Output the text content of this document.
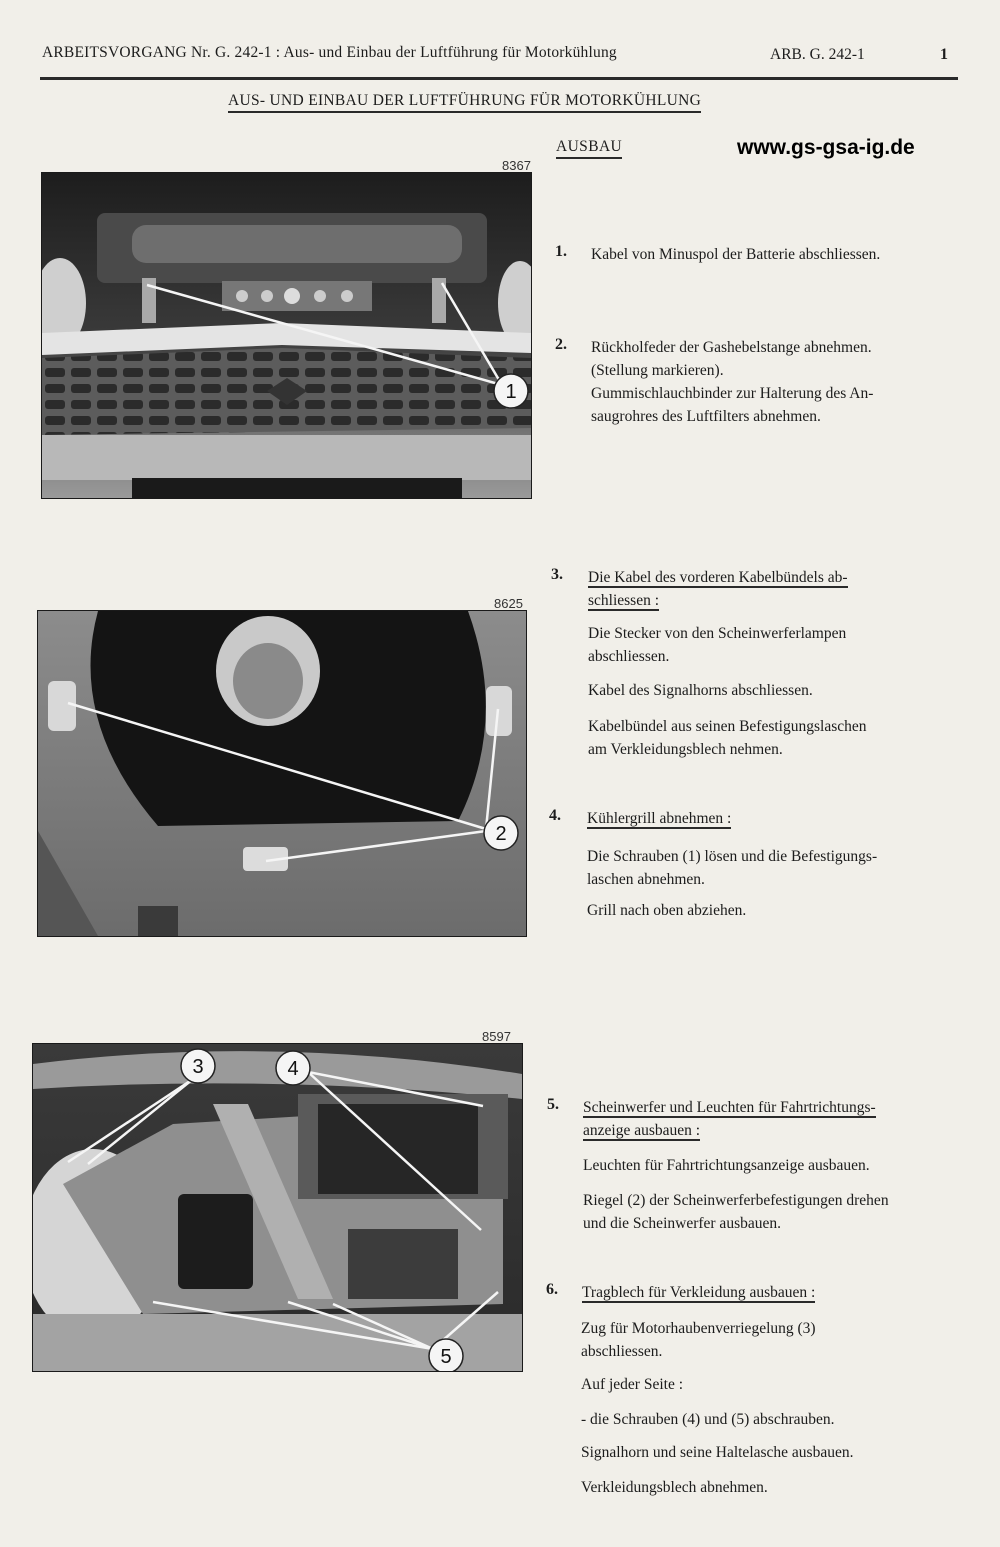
ARBEITSVORGANG Nr. G. 242-1 : Aus- und Einbau der Luftführung für Motorkühlung	ARB. G. 242-1	1
AUS- UND EINBAU DER LUFTFÜHRUNG FÜR MOTORKÜHLUNG
AUSBAU	www.gs-gsa-ig.de
8367
1
8625
2
8597
3	4
5
1. Kabel von Minuspol der Batterie abschliessen.
2. Rückholfeder der Gashebelstange abnehmen.
(Stellung markieren).
Gummischlauchbinder zur Halterung des An-
saugrohres des Luftfilters abnehmen.
3. Die Kabel des vorderen Kabelbündels ab-
schliessen :
Die Stecker von den Scheinwerferlampen
abschliessen.
Kabel des Signalhorns abschliessen.
Kabelbündel aus seinen Befestigungslaschen
am Verkleidungsblech nehmen.
4. Kühlergrill abnehmen :
Die Schrauben (1) lösen und die Befestigungs-
laschen abnehmen.
Grill nach oben abziehen.
5. Scheinwerfer und Leuchten für Fahrtrichtungs-
anzeige ausbauen :
Leuchten für Fahrtrichtungsanzeige ausbauen.
Riegel (2) der Scheinwerferbefestigungen drehen
und die Scheinwerfer ausbauen.
6. Tragblech für Verkleidung ausbauen :
Zug für Motorhaubenverriegelung (3)
abschliessen.
Auf jeder Seite :
- die Schrauben (4) und (5) abschrauben.
Signalhorn und seine Haltelasche ausbauen.
Verkleidungsblech abnehmen.
